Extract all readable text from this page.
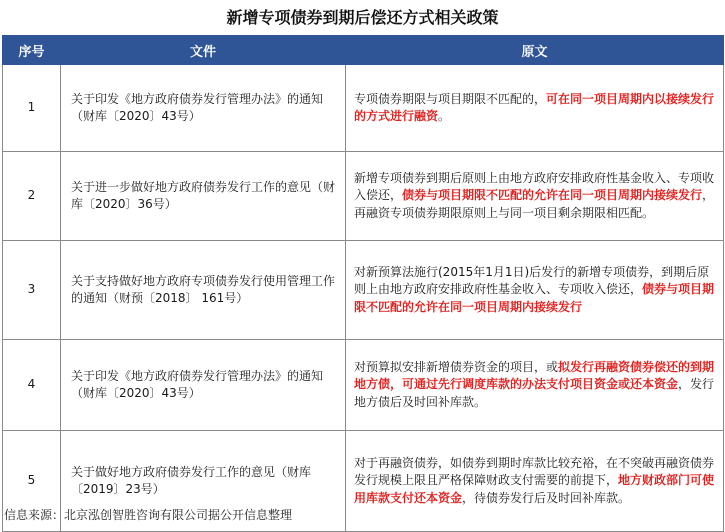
新增专项债券到期后偿还方式相关政策
序号	文件	原文
1	关于印发《地方政府债券发行管理办法》的通知（财库〔2020〕43号）	专项债券期限与项目期限不匹配的，可在同一项目周期内以接续发行的方式进行融资。
2	关于进一步做好地方政府债券发行工作的意见（财库〔2020〕36号）	新增专项债券到期后原则上由地方政府安排政府性基金收入、专项收入偿还，债券与项目期限不匹配的允许在同一项目周期内接续发行，再融资专项债券期限原则上与同一项目剩余期限相匹配。
3	关于支持做好地方政府专项债券发行使用管理工作的通知（财预〔2018〕 161号）	对新预算法施行(2015年1月1日)后发行的新增专项债券，到期后原则上由地方政府安排政府性基金收入、专项收入偿还，债券与项目期限不匹配的允许在同一项目周期内接续发行
4	关于印发《地方政府债券发行管理办法》的通知（财库〔2020〕43号）	对预算拟安排新增债券资金的项目，或拟发行再融资债券偿还的到期地方债，可通过先行调度库款的办法支付项目资金或还本资金，发行地方债后及时回补库款。
5	关于做好地方政府债券发行工作的意见（财库〔2019〕23号）	对于再融资债券，如债券到期时库款比较充裕，在不突破再融资债券发行规模上限且严格保障财政支付需要的前提下，地方财政部门可使用库款支付还本资金，待债券发行后及时回补库款。
信息来源：北京泓创智胜咨询有限公司据公开信息整理
